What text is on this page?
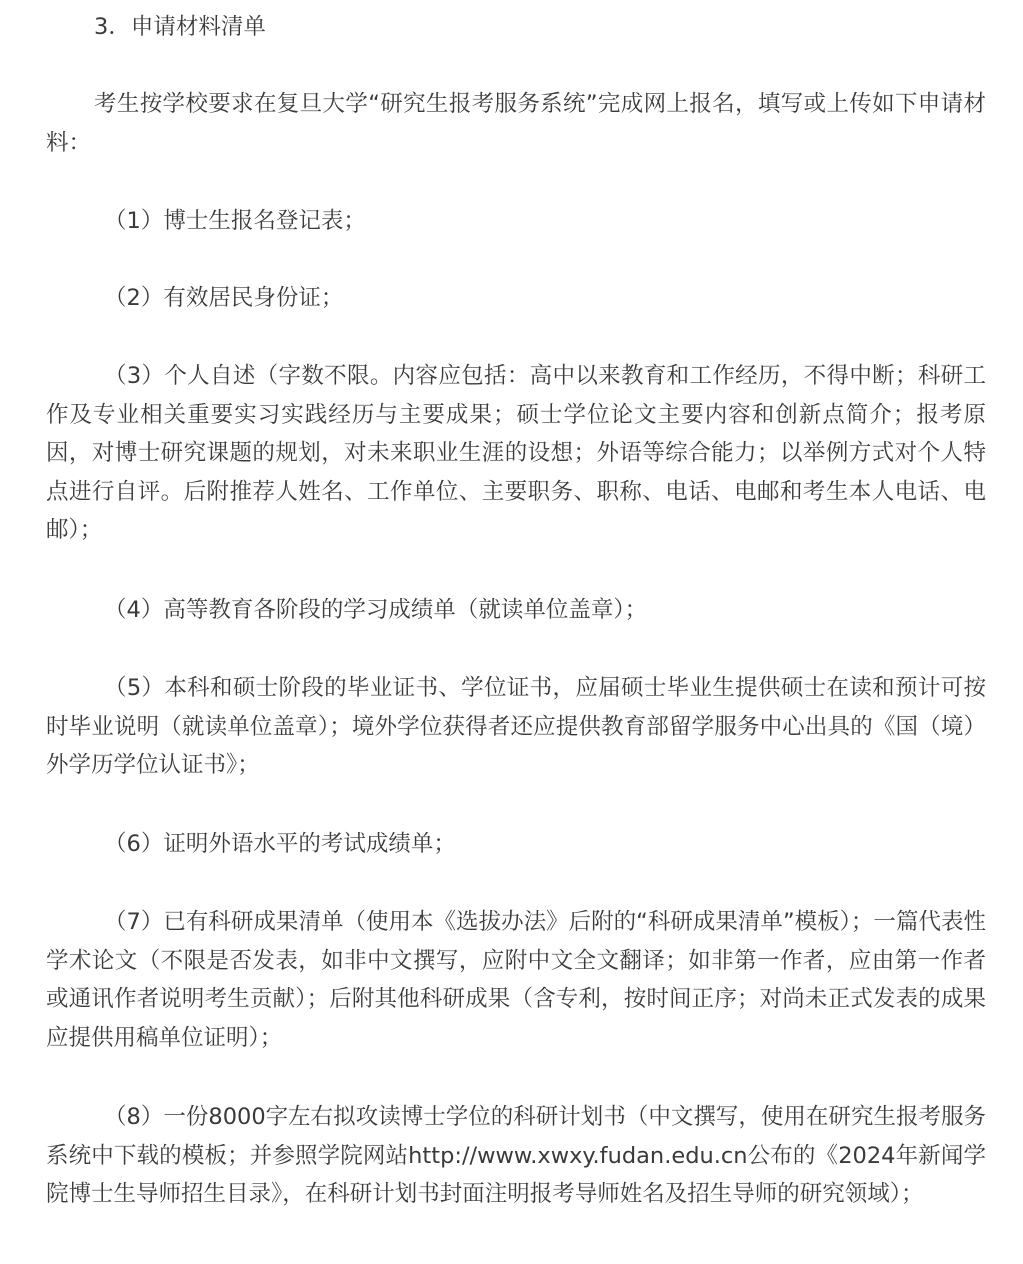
3．申请材料清单

考生按学校要求在复旦大学“研究生报考服务系统”完成网上报名，填写或上传如下申请材料：

（1）博士生报名登记表；

（2）有效居民身份证；

（3）个人自述（字数不限。内容应包括：高中以来教育和工作经历，不得中断；科研工作及专业相关重要实习实践经历与主要成果；硕士学位论文主要内容和创新点简介；报考原因，对博士研究课题的规划，对未来职业生涯的设想；外语等综合能力；以举例方式对个人特点进行自评。后附推荐人姓名、工作单位、主要职务、职称、电话、电邮和考生本人电话、电邮）；

（4）高等教育各阶段的学习成绩单（就读单位盖章）；

（5）本科和硕士阶段的毕业证书、学位证书，应届硕士毕业生提供硕士在读和预计可按时毕业说明（就读单位盖章）；境外学位获得者还应提供教育部留学服务中心出具的《国（境）外学历学位认证书》；

（6）证明外语水平的考试成绩单；

（7）已有科研成果清单（使用本《选拔办法》后附的“科研成果清单”模板）；一篇代表性学术论文（不限是否发表，如非中文撰写，应附中文全文翻译；如非第一作者，应由第一作者或通讯作者说明考生贡献）；后附其他科研成果（含专利，按时间正序；对尚未正式发表的成果应提供用稿单位证明）；

（8）一份8000字左右拟攻读博士学位的科研计划书（中文撰写，使用在研究生报考服务系统中下载的模板；并参照学院网站http://www.xwxy.fudan.edu.cn公布的《2024年新闻学院博士生导师招生目录》，在科研计划书封面注明报考导师姓名及招生导师的研究领域）；
